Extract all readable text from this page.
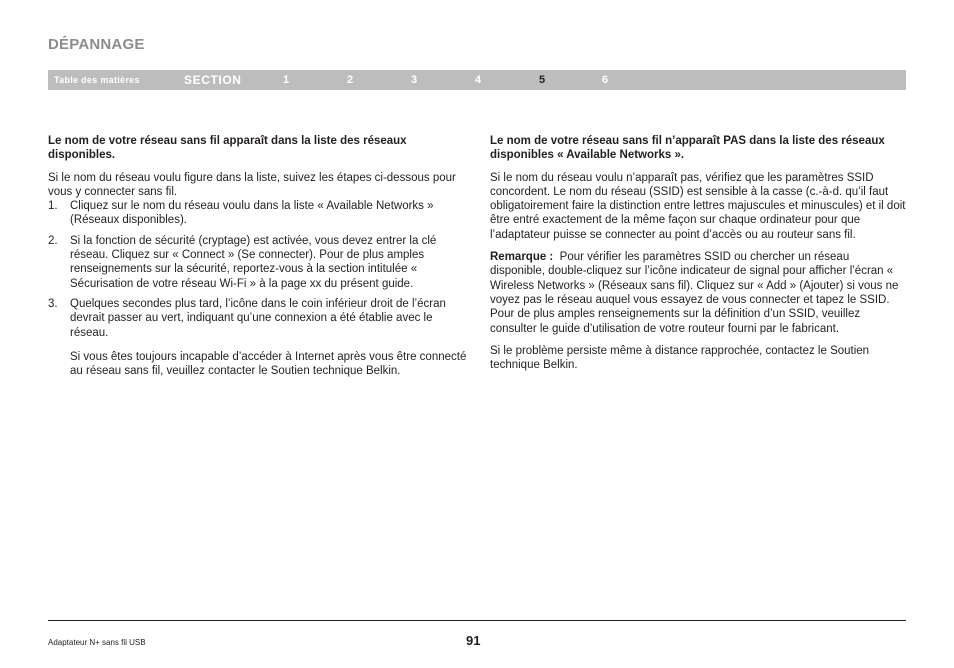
DÉPANNAGE
Table des matières	SECTION	1	2	3	4	5	6

Le nom de votre réseau sans fil apparaît dans la liste des réseaux disponibles.

Si le nom du réseau voulu figure dans la liste, suivez les étapes ci-dessous pour vous y connecter sans fil.

1. Cliquez sur le nom du réseau voulu dans la liste « Available Networks » (Réseaux disponibles).
2. Si la fonction de sécurité (cryptage) est activée, vous devez entrer la clé réseau. Cliquez sur « Connect » (Se connecter). Pour de plus amples renseignements sur la sécurité, reportez-vous à la section intitulée « Sécurisation de votre réseau Wi-Fi » à la page xx du présent guide.
3. Quelques secondes plus tard, l’icône dans le coin inférieur droit de l’écran devrait passer au vert, indiquant qu’une connexion a été établie avec le réseau.

Si vous êtes toujours incapable d’accéder à Internet après vous être connecté au réseau sans fil, veuillez contacter le Soutien technique Belkin.

Le nom de votre réseau sans fil n’apparaît PAS dans la liste des réseaux disponibles « Available Networks ».

Si le nom du réseau voulu n’apparaît pas, vérifiez que les paramètres SSID concordent. Le nom du réseau (SSID) est sensible à la casse (c.-à-d. qu’il faut obligatoirement faire la distinction entre lettres majuscules et minuscules) et il doit être entré exactement de la même façon sur chaque ordinateur pour que l’adaptateur puisse se connecter au point d’accès ou au routeur sans fil.

Remarque : Pour vérifier les paramètres SSID ou chercher un réseau disponible, double-cliquez sur l’icône indicateur de signal pour afficher l’écran « Wireless Networks » (Réseaux sans fil). Cliquez sur « Add » (Ajouter) si vous ne voyez pas le réseau auquel vous essayez de vous connecter et tapez le SSID. Pour de plus amples renseignements sur la définition d’un SSID, veuillez consulter le guide d’utilisation de votre routeur fourni par le fabricant.

Si le problème persiste même à distance rapprochée, contactez le Soutien technique Belkin.

Adaptateur N+ sans fil USB	91
